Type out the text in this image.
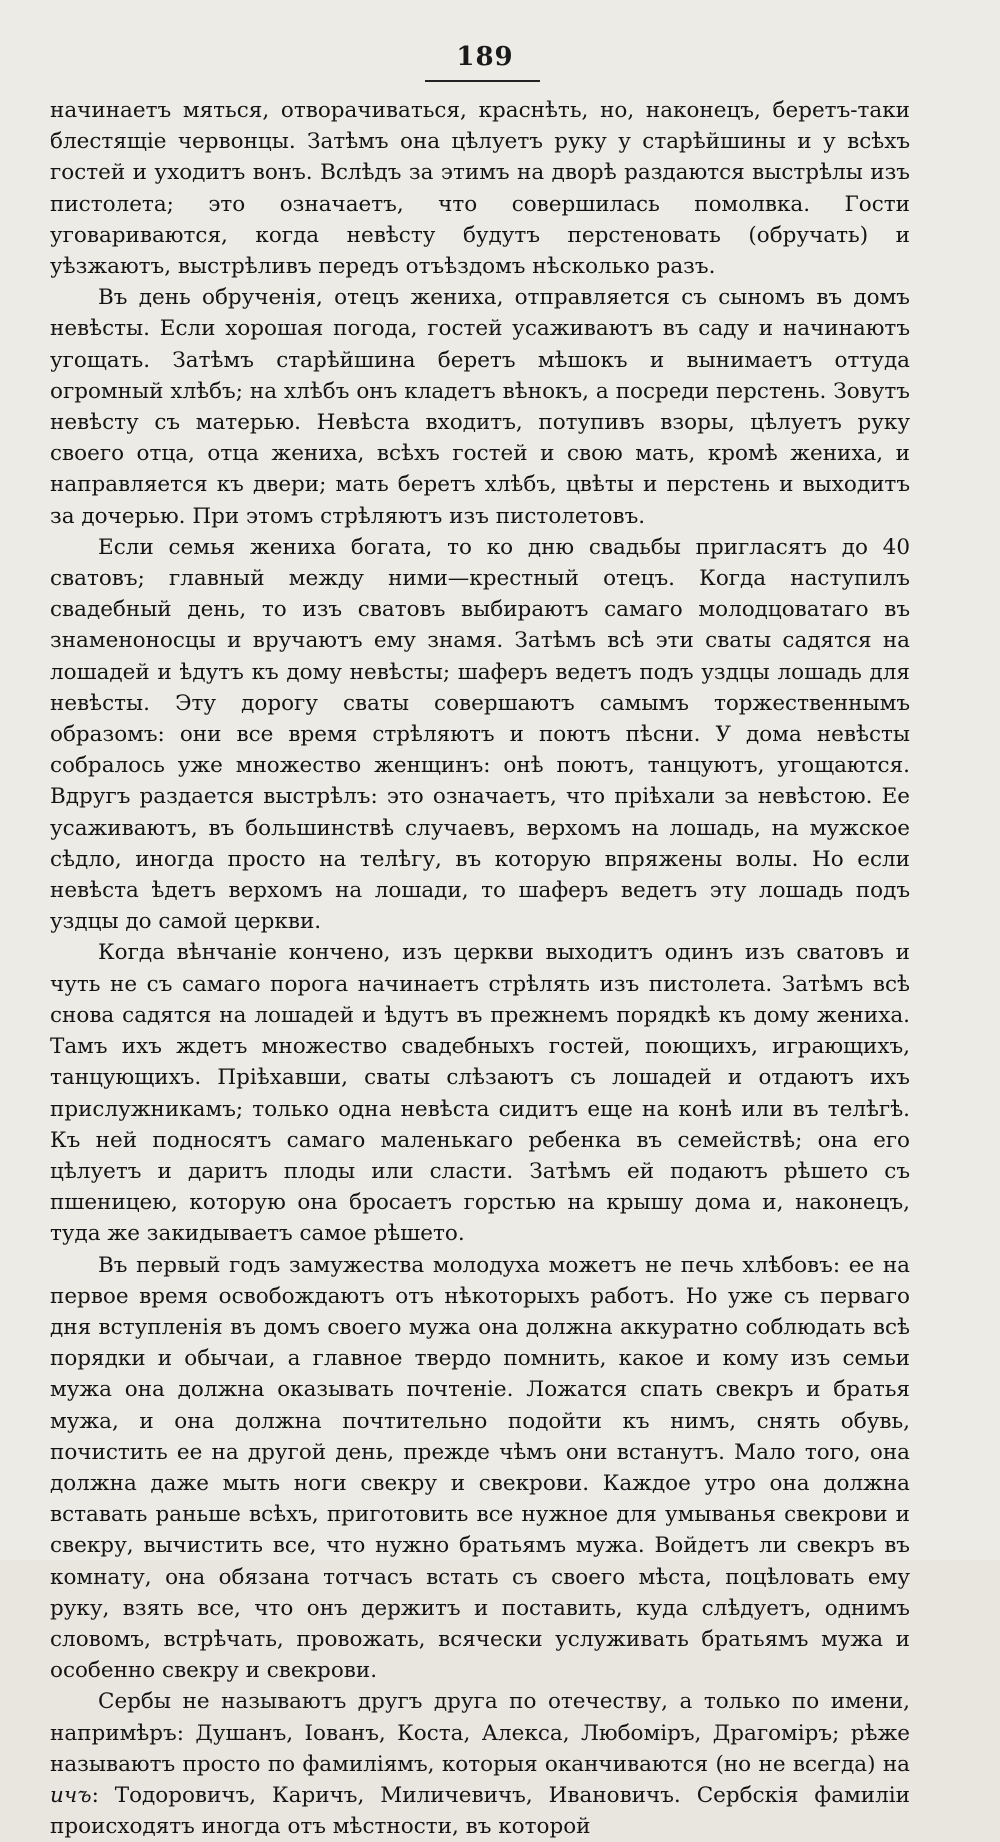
189

начинаетъ мяться, отворачиваться, краснѣть, но, наконецъ, беретъ-таки блестящіе червонцы. Затѣмъ она цѣлуетъ руку у старѣйшины и у всѣхъ гостей и уходитъ вонъ. Вслѣдъ за этимъ на дворѣ раздаются выстрѣлы изъ пистолета; это означаетъ, что совершилась помолвка. Гости уговариваются, когда невѣсту будутъ перстеновать (обручать) и уѣзжаютъ, выстрѣливъ передъ отъѣздомъ нѣсколько разъ.

Въ день обрученія, отецъ жениха, отправляется съ сыномъ въ домъ невѣсты. Если хорошая погода, гостей усаживаютъ въ саду и начинаютъ угощать. Затѣмъ старѣйшина беретъ мѣшокъ и вынимаетъ оттуда огромный хлѣбъ; на хлѣбъ онъ кладетъ вѣнокъ, а посреди перстень. Зовутъ невѣсту съ матерью. Невѣста входитъ, потупивъ взоры, цѣлуетъ руку своего отца, отца жениха, всѣхъ гостей и свою мать, кромѣ жениха, и направляется къ двери; мать беретъ хлѣбъ, цвѣты и перстень и выходитъ за дочерью. При этомъ стрѣляютъ изъ пистолетовъ.

Если семья жениха богата, то ко дню свадьбы пригласятъ до 40 сватовъ; главный между ними—крестный отецъ. Когда наступилъ свадебный день, то изъ сватовъ выбираютъ самаго молодцоватаго въ знаменоносцы и вручаютъ ему знамя. Затѣмъ всѣ эти сваты садятся на лошадей и ѣдутъ къ дому невѣсты; шаферъ ведетъ подъ уздцы лошадь для невѣсты. Эту дорогу сваты совершаютъ самымъ торжественнымъ образомъ: они все время стрѣляютъ и поютъ пѣсни. У дома невѣсты собралось уже множество женщинъ: онѣ поютъ, танцуютъ, угощаются. Вдругъ раздается выстрѣлъ: это означаетъ, что пріѣхали за невѣстою. Ее усаживаютъ, въ большинствѣ случаевъ, верхомъ на лошадь, на мужское сѣдло, иногда просто на телѣгу, въ которую впряжены волы. Но если невѣста ѣдетъ верхомъ на лошади, то шаферъ ведетъ эту лошадь подъ уздцы до самой церкви.

Когда вѣнчаніе кончено, изъ церкви выходитъ одинъ изъ сватовъ и чуть не съ самаго порога начинаетъ стрѣлять изъ пистолета. Затѣмъ всѣ снова садятся на лошадей и ѣдутъ въ прежнемъ порядкѣ къ дому жениха. Тамъ ихъ ждетъ множество свадебныхъ гостей, поющихъ, играющихъ, танцующихъ. Пріѣхавши, сваты слѣзаютъ съ лошадей и отдаютъ ихъ прислужникамъ; только одна невѣста сидитъ еще на конѣ или въ телѣгѣ. Къ ней подносятъ самаго маленькаго ребенка въ семействѣ; она его цѣлуетъ и даритъ плоды или сласти. Затѣмъ ей подаютъ рѣшето съ пшеницею, которую она бросаетъ горстью на крышу дома и, наконецъ, туда же закидываетъ самое рѣшето.

Въ первый годъ замужества молодуха можетъ не печь хлѣбовъ: ее на первое время освобождаютъ отъ нѣкоторыхъ работъ. Но уже съ перваго дня вступленія въ домъ своего мужа она должна аккуратно соблюдать всѣ порядки и обычаи, а главное твердо помнить, какое и кому изъ семьи мужа она должна оказывать почтеніе. Ложатся спать свекръ и братья мужа, и она должна почтительно подойти къ нимъ, снять обувь, почистить ее на другой день, прежде чѣмъ они встанутъ. Мало того, она должна даже мыть ноги свекру и свекрови. Каждое утро она должна вставать раньше всѣхъ, приготовить все нужное для умыванья свекрови и свекру, вычистить все, что нужно братьямъ мужа. Войдетъ ли свекръ въ комнату, она обязана тотчасъ встать съ своего мѣста, поцѣловать ему руку, взять все, что онъ держитъ и поставить, куда слѣдуетъ, однимъ словомъ, встрѣчать, провожать, всячески услуживать братьямъ мужа и особенно свекру и свекрови.

Сербы не называютъ другъ друга по отечеству, а только по имени, напримѣръ: Душанъ, Іованъ, Коста, Алекса, Любоміръ, Драгоміръ; рѣже называютъ просто по фамиліямъ, которыя оканчиваются (но не всегда) на ичъ: Тодоровичъ, Каричъ, Миличевичъ, Ивановичъ. Сербскія фамиліи происходятъ иногда отъ мѣстности, въ которой
